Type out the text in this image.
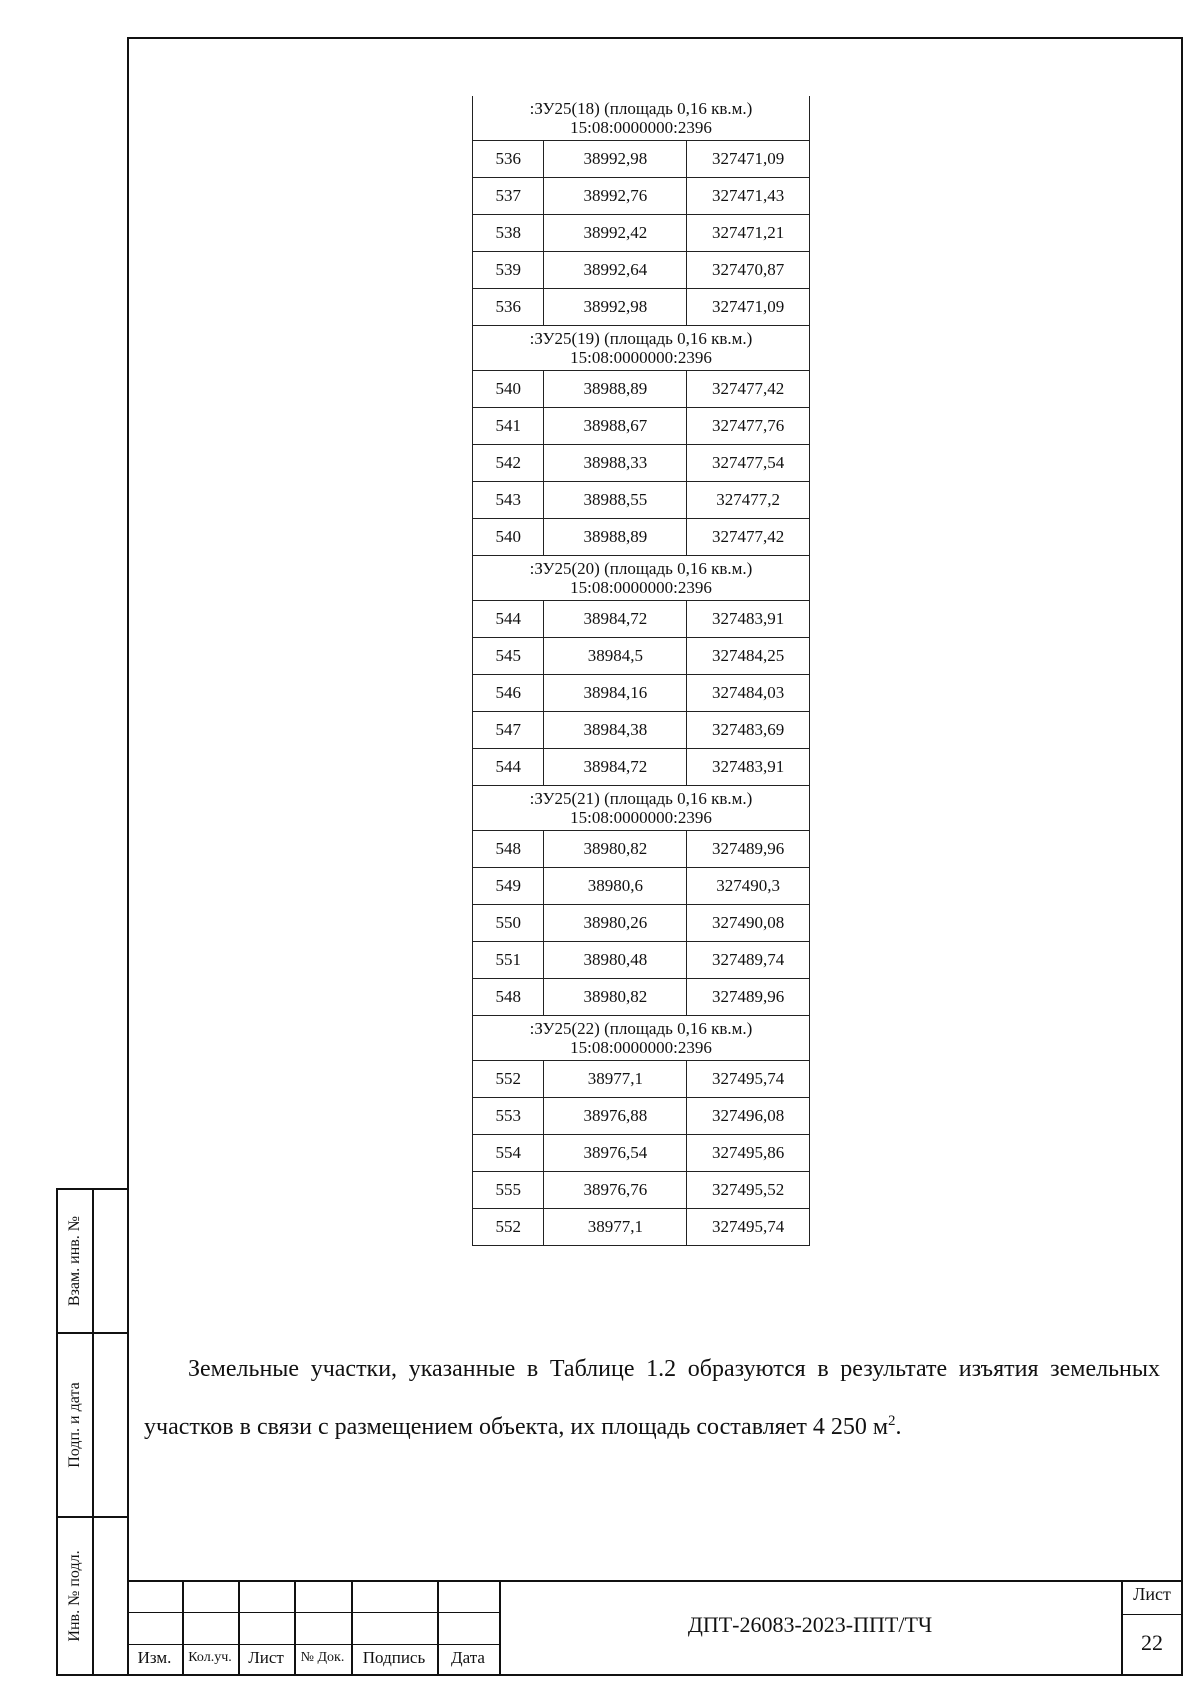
Взам. инв. №
Подп. и дата
Инв. № подл.
:ЗУ25(18) (площадь 0,16 кв.м.)
15:08:0000000:2396		

536	38992,98	327471,09
537	38992,76	327471,43
538	38992,42	327471,21
539	38992,64	327470,87
536	38992,98	327471,09

:ЗУ25(19) (площадь 0,16 кв.м.)
15:08:0000000:2396		

540	38988,89	327477,42
541	38988,67	327477,76
542	38988,33	327477,54
543	38988,55	327477,2
540	38988,89	327477,42

:ЗУ25(20) (площадь 0,16 кв.м.)
15:08:0000000:2396		

544	38984,72	327483,91
545	38984,5	327484,25
546	38984,16	327484,03
547	38984,38	327483,69
544	38984,72	327483,91

:ЗУ25(21) (площадь 0,16 кв.м.)
15:08:0000000:2396		

548	38980,82	327489,96
549	38980,6	327490,3
550	38980,26	327490,08
551	38980,48	327489,74
548	38980,82	327489,96

:ЗУ25(22) (площадь 0,16 кв.м.)
15:08:0000000:2396		

552	38977,1	327495,74
553	38976,88	327496,08
554	38976,54	327495,86
555	38976,76	327495,52
552	38977,1	327495,74
Земельные участки, указанные в Таблице 1.2 образуются в результате изъятия земельных участков в связи с размещением объекта, их площадь составляет 4 250 $м^2$.
Изм.	Кол.уч. Лист	№ Док.	Подпись	Дата
ДПТ-26083-2023-ППТ/ТЧ
Лист
22
